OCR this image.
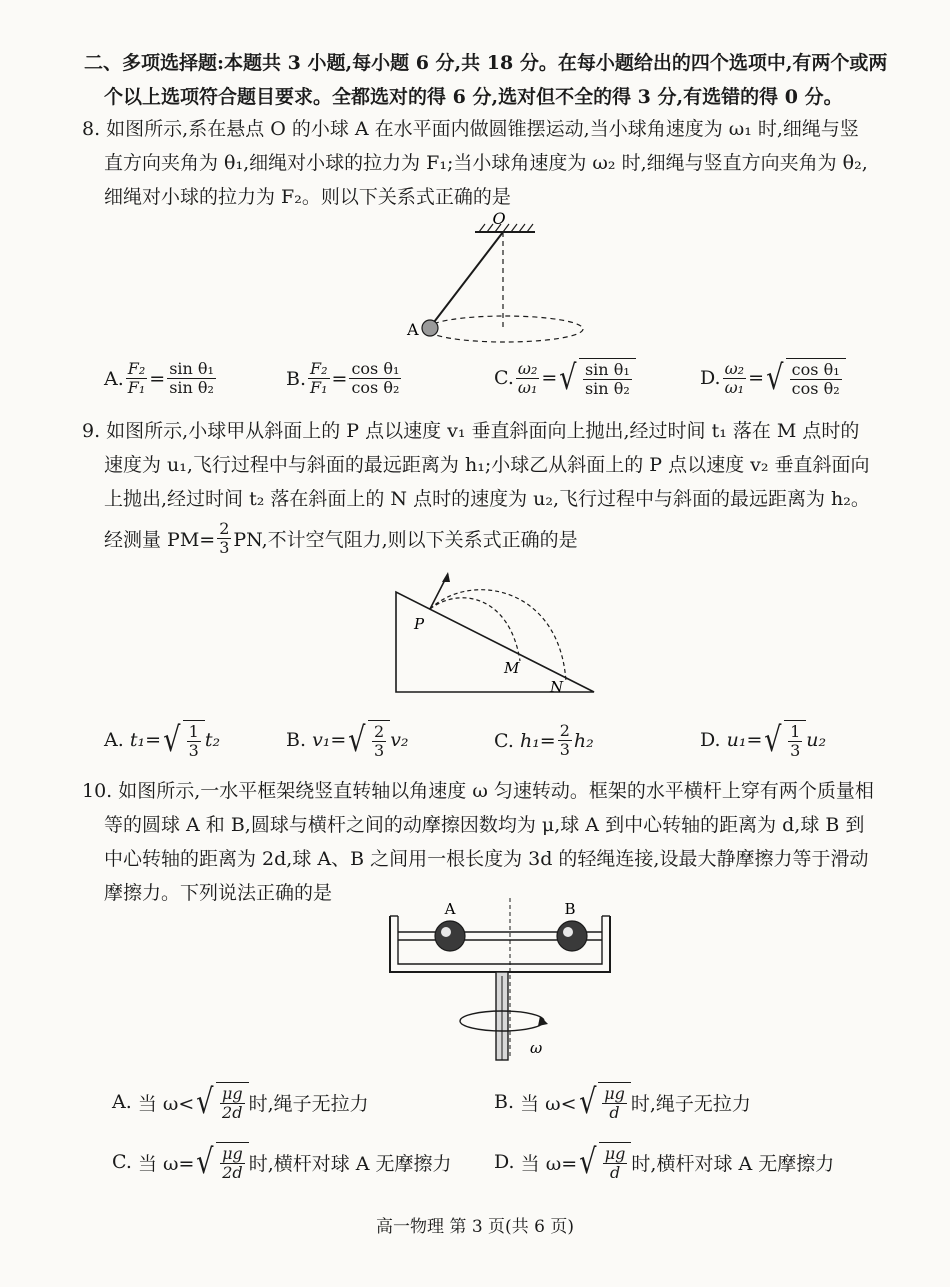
二、多项选择题:本题共 3 小题,每小题 6 分,共 18 分。在每小题给出的四个选项中,有两个或两
个以上选项符合题目要求。全都选对的得 6 分,选对但不全的得 3 分,有选错的得 0 分。
8. 如图所示,系在悬点 O 的小球 A 在水平面内做圆锥摆运动,当小球角速度为 ω₁ 时,细绳与竖
直方向夹角为 θ₁,细绳对小球的拉力为 F₁;当小球角速度为 ω₂ 时,细绳与竖直方向夹角为 θ₂,
细绳对小球的拉力为 F₂。则以下关系式正确的是
O
A
A. $\frac{\text{F₂}}{\text{F₁}} = \frac{\text{sin θ₁}}{\text{sin θ₂}}$	B. $\frac{\text{F₂}}{\text{F₁}} = \frac{\text{cos θ₁}}{\text{cos θ₂}}$	C. $\frac{\text{ω₂}}{\text{ω₁}}$ = √ $\frac{\text{sin θ₁}}{\text{sin θ₂}}$	D. $\frac{\text{ω₂}}{\text{ω₁}}$ = √ $\frac{\text{cos θ₁}}{\text{cos θ₂}}$
9. 如图所示,小球甲从斜面上的 P 点以速度 v₁ 垂直斜面向上抛出,经过时间 t₁ 落在 M 点时的
速度为 u₁,飞行过程中与斜面的最远距离为 h₁;小球乙从斜面上的 P 点以速度 v₂ 垂直斜面向
上抛出,经过时间 t₂ 落在斜面上的 N 点时的速度为 u₂,飞行过程中与斜面的最远距离为 h₂。
经测量 $PM= \frac{2}{3}$ PN,不计空气阻力,则以下关系式正确的是
P
M
N
A.
t₁= √ $\frac{1}{3} t_2$	B.
v₁= √ $\frac{2}{3} v_2$	C.
$h_1= \frac{2}{3} h_2$	D.
u₁= √ $\frac{1}{3} u_2$
10. 如图所示,一水平框架绕竖直转轴以角速度 ω 匀速转动。框架的水平横杆上穿有两个质量相
等的圆球 A 和 B,圆球与横杆之间的动摩擦因数均为 μ,球 A 到中心转轴的距离为 d,球 B 到
中心转轴的距离为 2d,球 A、B 之间用一根长度为 3d 的轻绳连接,设最大静摩擦力等于滑动
摩擦力。下列说法正确的是
A	B
ω
A.
当 ω< √ $\frac{\mu g}{2d}$ 时,绳子无拉力	B.
当 ω< √ $\frac{\mu g}{d}$ 时,绳子无拉力
C.
当 ω= √ $\frac{\mu g}{2d}$ 时,横杆对球 A 无摩擦力 D.
当 ω= √ $\frac{\mu g}{d}$ 时,横杆对球 A 无摩擦力
高一物理 第 3 页(共 6 页)
